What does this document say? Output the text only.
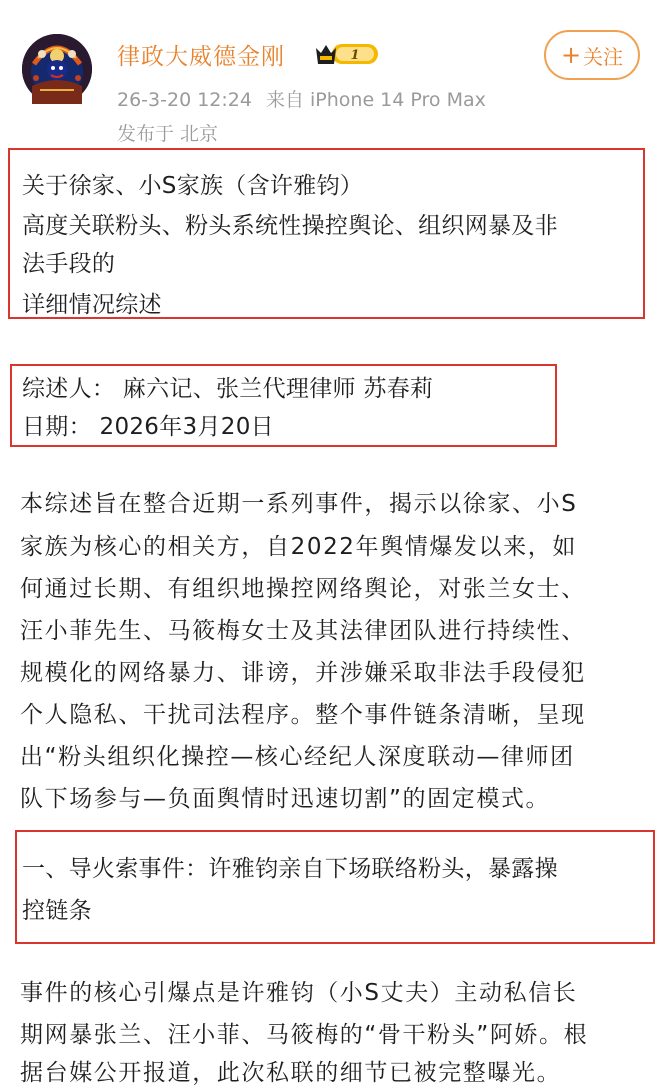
律政大威德金刚	1	+ 关注
26-3-20 12:24 来自 iPhone 14 Pro Max
发布于 北京
关于徐家、小S家族（含许雅钧）
高度关联粉头、粉头系统性操控舆论、组织网暴及非
法手段的
详细情况综述
综述人： 麻六记、张兰代理律师 苏春莉
日期： 2026年3月20日
本综述旨在整合近期一系列事件，揭示以徐家、小S
家族为核心的相关方，自2022年舆情爆发以来，如
何通过长期、有组织地操控网络舆论，对张兰女士、
汪小菲先生、马筱梅女士及其法律团队进行持续性、
规模化的网络暴力、诽谤，并涉嫌采取非法手段侵犯
个人隐私、干扰司法程序。整个事件链条清晰，呈现
出“粉头组织化操控—核心经纪人深度联动—律师团
队下场参与—负面舆情时迅速切割”的固定模式。
一、导火索事件：许雅钧亲自下场联络粉头，暴露操
控链条
事件的核心引爆点是许雅钧（小S丈夫）主动私信长
期网暴张兰、汪小菲、马筱梅的“骨干粉头”阿娇。根
据台媒公开报道，此次私联的细节已被完整曝光。
